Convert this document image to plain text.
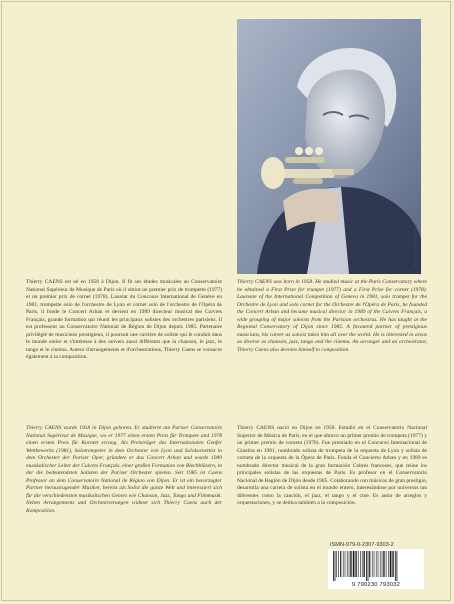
Photo : Michel NOREL

Thierry CAENS est né en 1958 à Dijon. Il fit ses études musicales au Conservatoire National Supérieur de Musique de Paris où il obtint un premier prix de trompette (1977) et un premier prix de cornet (1978). Lauréat du Concours International de Genève en 1981, trompette solo de l'orchestre de Lyon et cornet solo de l'orchestre de l'Opéra de Paris, il fonde le Concert Arban et devient en 1989 directeur musical des Cuivres Français, grande formation qui réunit les principaux solistes des orchestres parisiens. Il est professeur au Conservatoire National de Région de Dijon depuis 1985. Partenaire privilégié de musiciens prestigieux, il poursuit une carrière de soliste qui le conduit dans le monde entier et s'intéresse à des univers aussi différents que la chanson, le jazz, le tango et le cinéma. Auteur d'arrangements et d'orchestrations, Thierry Caens se consacre également à la composition.

Thierry CAENS was born in 1958. He studied music at the Paris Conservatory where he obtained a First Prize for trumpet (1977) and a First Prize for cornet (1978). Laureate of the International Competition of Geneva in 1981, solo trumpet for the Orchestre de Lyon and solo cornet for the Orchestre de l'Opéra de Paris, he founded the Concert Arban and became musical director in 1989 of the Cuivres Français, a wide grouping of major soloists from the Parisian orchestras. He has taught at the Regional Conservatory of Dijon since 1985. A favoured partner of prestigious musicians, his career as soloist takes him all over the world. He is interested in areas as diverse as chanson, jazz, tango and the cinema. An arranger and an orchestrator, Thierry Caens also devotes himself to composition.

Thierry CAENS wurde 1958 in Dijon geboren. Er studierte am Pariser Conservatoire National Supérieur de Musique, wo er 1977 einen ersten Preis für Trompete und 1978 einen ersten Preis für Kornett errang. Als Preisträger des Internationalen Genfer Wettbewerbs (1981), Solotrompeter in dem Orchester von Lyon und Solokornettist in dem Orchester der Pariser Oper, gründete er das Concert Arban und wurde 1989 musikalischer Leiter der Cuivres Français, einer großen Formation von Blechbläsern, in der die bedeutendsten Solisten der Pariser Orchester spielen. Seit 1985 ist Caens Professor an dem Conservatoire National de Région von Dijon. Er ist ein bevorzugter Partner herausragender Musiker, bereist als Solist die ganze Welt und interessiert sich für die verschiedensten musikalischen Genres wie Chanson, Jazz, Tango und Filmmusik. Neben Arrangements und Orchestrierungen widmet sich Thierry Caens auch der Komposition.

Thierry CAENS nació en Dijon en 1958. Estudió en el Conservatorio Nacional Superior de Música de París, en el que obtuvo un primer premio de trompeta (1977) y un primer premio de corneta (1978). Fue premiado en el Concurso Internacional de Ginebra en 1981, nombrado solista de trompeta de la orquesta de Lyon y solista de corneta de la orquesta de la Ópera de París. Funda el Concierto Arban y en 1989 es nombrado director musical de la gran formación Cobres franceses, que reúne los principales solistas de las orquestas de París. Es profesor en el Conservatorio Nacional de Región de Dijón desde 1985. Colaborando con músicos de gran prestigio, desarrolla una carrera de solista en el mundo entero, interesándose por universos tan diferentes como la canción, el jazz, el tango y el cine. Es autor de arreglos y orquestaciones, y se dedica también a la composición.

ISMN-979-0-2307-9303-2

9 790230 793032
